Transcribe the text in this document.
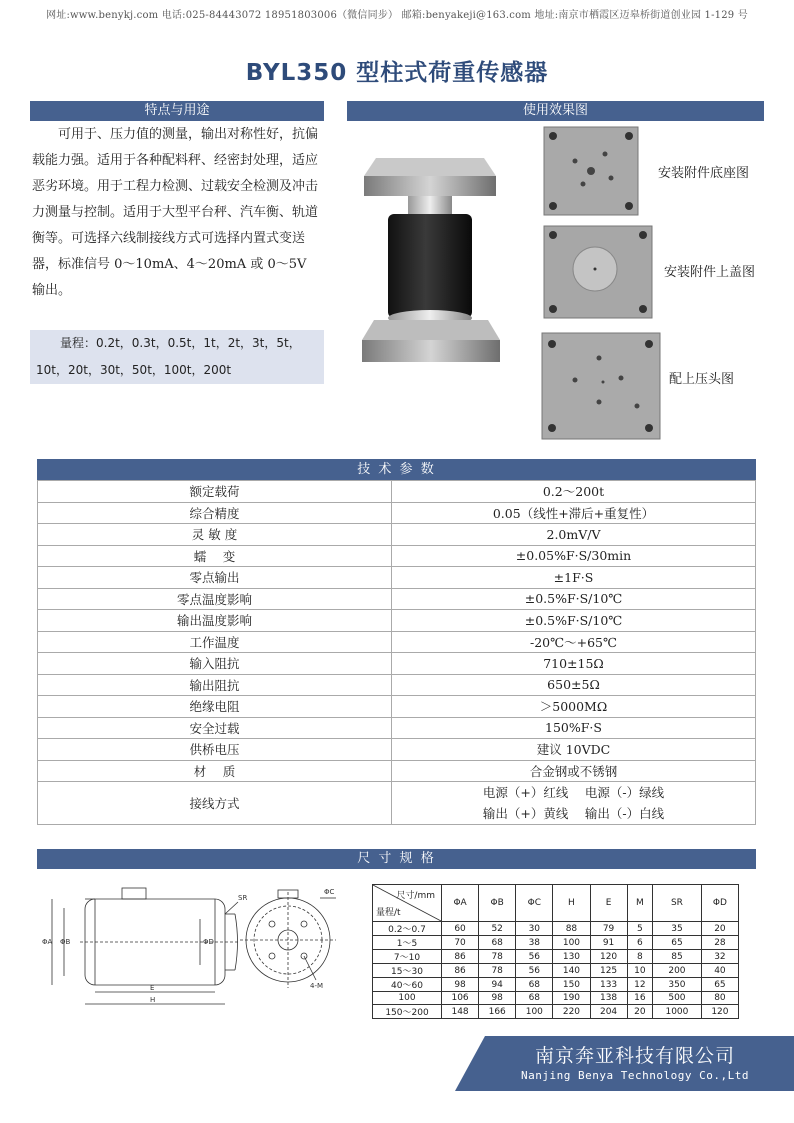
网址:www.benykj.com 电话:025-84443072 18951803006（微信同步） 邮箱:benyakeji@163.com 地址:南京市栖霞区迈皋桥街道创业园 1-129 号
BYL350 型柱式荷重传感器
特点与用途	使用效果图
可用于、压力值的测量，输出对称性好，抗偏载能力强。适用于各种配料秤、经密封处理，适应恶劣环境。用于工程力检测、过载安全检测及冲击力测量与控制。适用于大型平台秤、汽车衡、轨道衡等。可选择六线制接线方式可选择内置式变送器，标准信号 0～10mA、4～20mA 或 0～5V 输出。
量程：0.2t，0.3t，0.5t，1t，2t，3t，5t，10t，20t，30t，50t，100t，200t
安装附件底座图
安装附件上盖图
配上压头图
技 术 参 数
额定载荷	0.2～200t
综合精度	0.05（线性+滞后+重复性）
灵 敏 度	2.0mV/V
蠕　 变	±0.05%F·S/30min
零点输出	±1F·S
零点温度影响	±0.5%F·S/10℃
输出温度影响	±0.5%F·S/10℃
工作温度	-20℃～+65℃
输入阻抗	710±15Ω
输出阻抗	650±5Ω
绝缘电阻	＞5000MΩ
安全过载	150%F·S
供桥电压	建议 10VDC
材　 质	合金钢或不锈钢
接线方式	电源（+）红线　 电源（-）绿线
输出（+）黄线　 输出（-）白线
尺 寸 规 格
ΦA ΦB	ΦD
SR
E
H
ΦC
4-M
尺寸/mm
量程/t	ΦA	ΦB	ΦC	H	E	M	SR	ΦD
0.2～0.7	60	52	30	88	79	5	35	20
1～5	70	68	38	100	91	6	65	28
7～10	86	78	56	130	120	8	85	32
15～30	86	78	56	140	125	10	200	40
40～60	98	94	68	150	133	12	350	65
100	106	98	68	190	138	16	500	80
150～200	148	166	100	220	204	20	1000	120
南京奔亚科技有限公司
Nanjing Benya Technology Co.,Ltd
